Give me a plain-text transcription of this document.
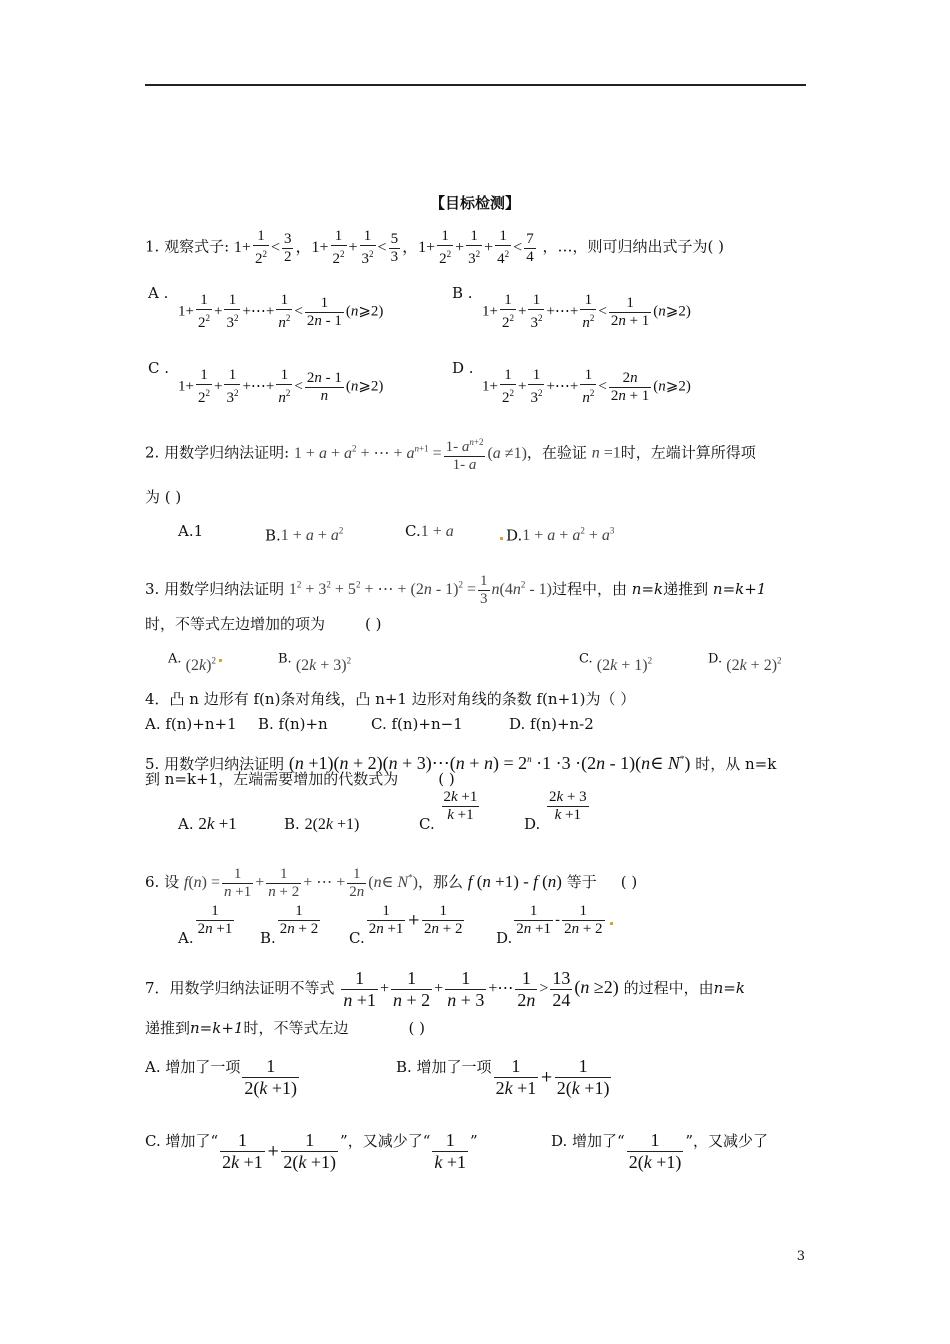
【目标检测】
1. 观察式子: $1+ \frac{1}{2^2} < \frac{3}{2}$ ，$1+ \frac{1}{2^2} + \frac{1}{3^2} < \frac{5}{3}$ ，$1+ \frac{1}{2^2} + \frac{1}{3^2} + \frac{1}{4^2} < \frac{7}{4}$ ，…，则可归纳出式子为( )
A .
$1+ \frac{1}{2^2} + \frac{1}{3^2}$ +⋯+ $\frac{1}{n^2} < \frac{1}{2n - 1}$ (n⩾2)
B .
$1+ \frac{1}{2^2} + \frac{1}{3^2}$ +⋯+ $\frac{1}{n^2} < \frac{1}{2n + 1}$ (n⩾2)
C .
$1+ \frac{1}{2^2} + \frac{1}{3^2}$ +⋯+ $\frac{1}{n^2} < \frac{2n - 1}{n}$ (n⩾2)
D .
$1+ \frac{1}{2^2} + \frac{1}{3^2}$ +⋯+ $\frac{1}{n^2} < \frac{2n}{2n + 1}$ (n⩾2)
2. 用数学归纳法证明: $1 + a + a^2$ + ⋯ + $a^{n+1} = \frac{1- a^{n+2}}{1- a} (a \ne 1)$，在验证 n =1时，左端计算所得项
为 ( )
A.1	$B.1 + a + a^2$	C.1 + a	$D.1 + a + a^2 + a^3$
3. 用数学归纳法证明 $1^2 + 3^2 + 5^2$ + ⋯ + $(2n - 1)^2 = \frac{1}{3} n(4n^2 - 1)$过程中，由 n=k递推到 n=k+1
时，不等式左边增加的项为	( )
A. $(2k)^2$	B. $(2k + 3)^2$	C. $(2k + 1)^2$	D. $(2k + 2)^2$
4．凸 n 边形有 f(n)条对角线，凸 n+1 边形对角线的条数 f(n+1)为（ ）
A. f(n)+n+1 B. f(n)+n	C. f(n)+n−1	D. f(n)+n-2
5. 用数学归纳法证明 (n +1)(n + 2)(n + 3)⋯(n + $n) = 2^n \cdot 1 \cdot 3 \cdot(2n$ - 1)(n∈ N*) 时，从 n=k
到 n=k+1，左端需要增加的代数式为	( )
A. 2k +1	B. 2(2k +1)	C. $\frac{2k +1}{k +1}$	D. $\frac{2k + 3}{k +1}$
6. 设 $f(n) = \frac{1}{n +1} + \frac{1}{n + 2}$ + ⋯ + $\frac{1}{2n}$ (n∈ N*)，那么 f (n +1) - f (n) 等于 ( )
A. $\frac{1}{2n +1} B$. $\frac{1}{2n + 2} C$. $\frac{1}{2n +1} + \frac{1}{2n + 2} D$. $\frac{1}{2n +1} - \frac{1}{2n + 2}$
7．用数学归纳法证明不等式 $\frac{1}{n +1} + \frac{1}{n + 2} + \frac{1}{n + 3}$ +⋯ $\frac{1}{2n} > \frac{13}{24} (n \ge 2)$ 的过程中，由n=k
递推到n=k+1时，不等式左边	( )
A. 增加了一项 $\frac{1}{2(k +1)}$	B. 增加了一项 $\frac{1}{2k +1} + \frac{1}{2(k +1)}$
C. 增加了“ $\frac{1}{2k +1} + \frac{1}{2(k +1)}$ ”，又减少了“ $\frac{1}{k +1}$ ”	D. 增加了“ $\frac{1}{2(k +1)}$ ”，又减少了
3
